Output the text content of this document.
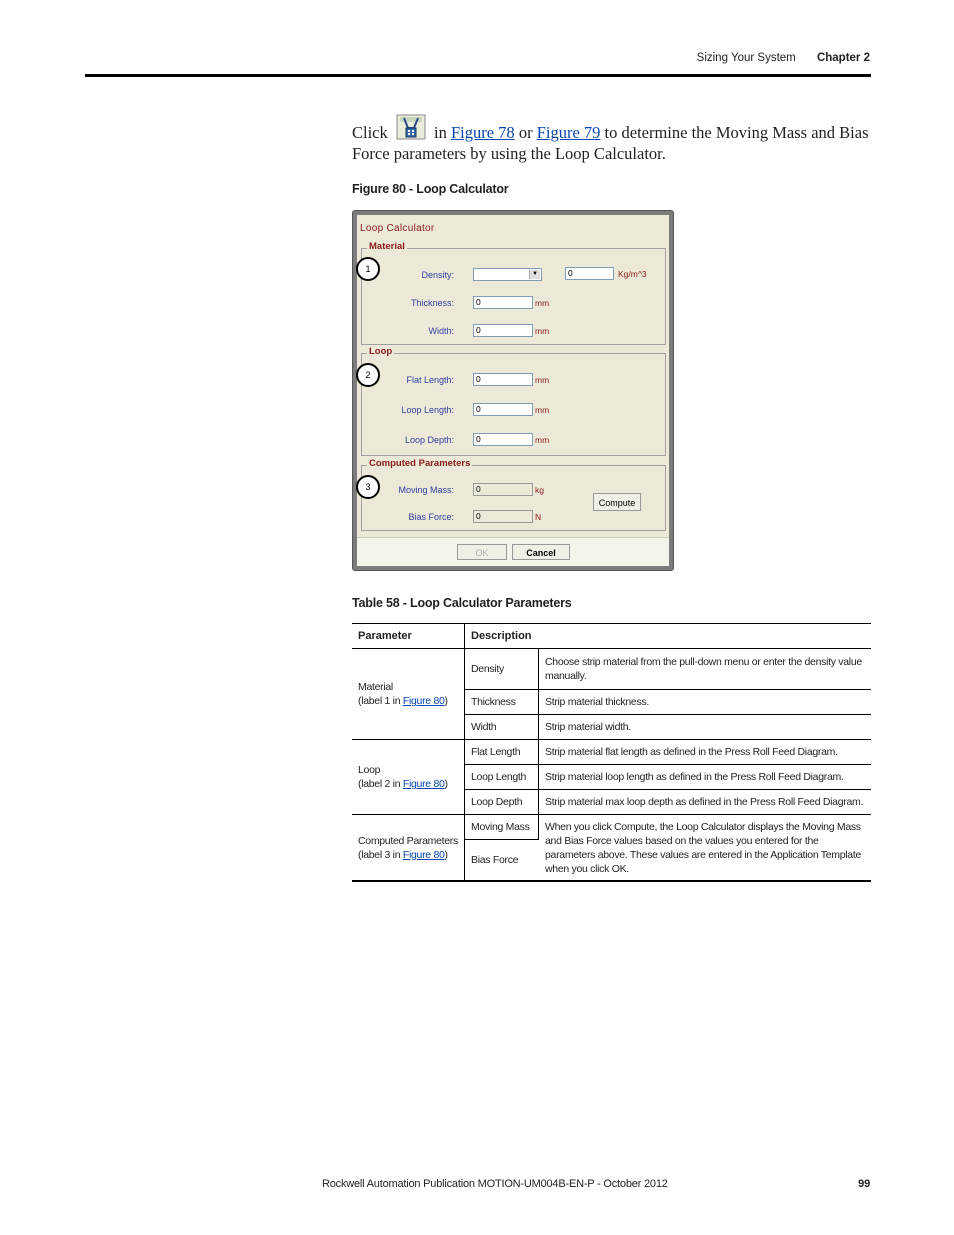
Sizing Your System Chapter 2
Click	in Figure 78 or Figure 79 to determine the Moving Mass and Bias Force parameters by using the Loop Calculator.
Figure 80 - Loop Calculator
Loop Calculator
Material
Density:	▼	0	Kg/m^3
Thickness:	0	mm
Width:	0	mm
1
Loop
Flat Length:	0	mm
Loop Length:	0	mm
Loop Depth:	0	mm
2
Computed Parameters
Moving Mass:	0	kg
Bias Force:	0	N
Compute
3
OK	Cancel
Table 58 - Loop Calculator Parameters
Parameter	Description	

Material
(label 1 in Figure 80)	Density	Choose strip material from the pull-down menu or enter the density value manually.
	Thickness	Strip material thickness.
	Width	Strip material width.

Loop
(label 2 in Figure 80)	Flat Length	Strip material flat length as defined in the Press Roll Feed Diagram.
	Loop Length	Strip material loop length as defined in the Press Roll Feed Diagram.
	Loop Depth	Strip material max loop depth as defined in the Press Roll Feed Diagram.

Computed Parameters
(label 3 in Figure 80)	Moving Mass	When you click Compute, the Loop Calculator displays the Moving Mass and Bias Force values based on the values you entered for the parameters above. These values are entered in the Application Template when you click OK.
	Bias Force	
Rockwell Automation Publication MOTION-UM004B-EN-P - October 2012	99
